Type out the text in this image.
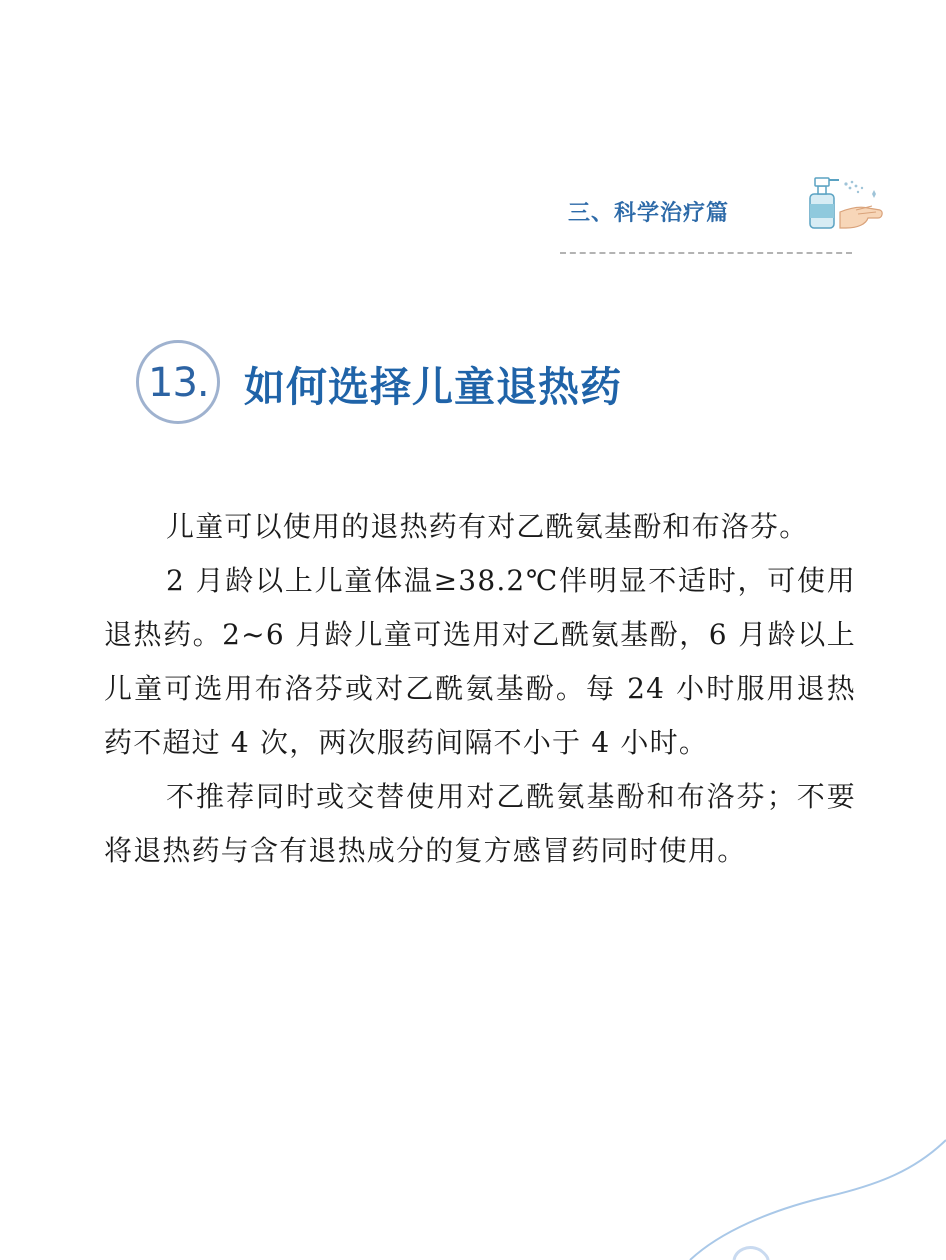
三、科学治疗篇
13. 如何选择儿童退热药

儿童可以使用的退热药有对乙酰氨基酚和布洛芬。

2 月龄以上儿童体温≥38.2℃伴明显不适时，可使用退热药。2~6 月龄儿童可选用对乙酰氨基酚，6 月龄以上儿童可选用布洛芬或对乙酰氨基酚。每 24 小时服用退热药不超过 4 次，两次服药间隔不小于 4 小时。

不推荐同时或交替使用对乙酰氨基酚和布洛芬；不要将退热药与含有退热成分的复方感冒药同时使用。
